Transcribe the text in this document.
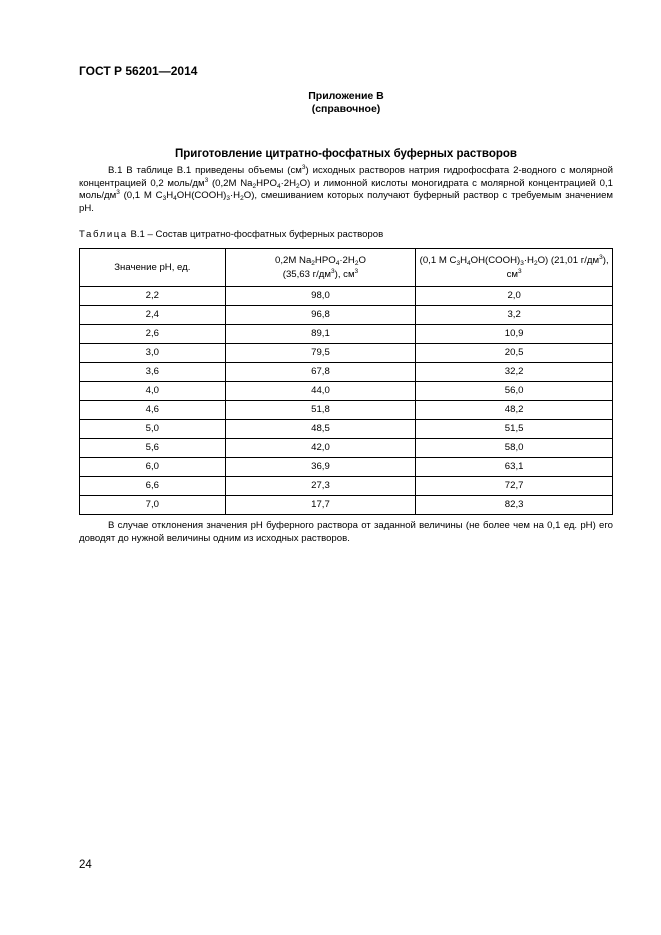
ГОСТ Р 56201—2014
Приложение В
(справочное)
Приготовление цитратно-фосфатных буферных растворов
В.1 В таблице В.1 приведены объемы $(см^3)$ исходных растворов натрия гидрофосфата 2-водного с молярной концентрацией 0,2 моль/$дм^3$ (0,2М $Na_2HPO_4\cdot 2H_2O$) и лимонной кислоты моногидрата с молярной концентрацией 0,1 моль/$дм^3$ (0,1 М $C_3H_4OH(COOH)_3\cdot H_2O$), смешиванием которых получают буферный раствор с требуемым значением pH.
Таблица В.1 – Состав цитратно-фосфатных буферных растворов
Значение pH, ед.	0,2М $Na_2HPO_4\cdot 2H_2O$
(35,63 $г/дм^3$), $см^3$	(0,1 М $C_3H_4OH(COOH)_3\cdot H_2O$) (21,01 $г/дм^3$),
$см^3$
2,2	98,0	2,0
2,4	96,8	3,2
2,6	89,1	10,9
3,0	79,5	20,5
3,6	67,8	32,2
4,0	44,0	56,0
4,6	51,8	48,2
5,0	48,5	51,5
5,6	42,0	58,0
6,0	36,9	63,1
6,6	27,3	72,7
7,0	17,7	82,3
В случае отклонения значения pH буферного раствора от заданной величины (не более чем на 0,1 ед. pH) его доводят до нужной величины одним из исходных растворов.
24
